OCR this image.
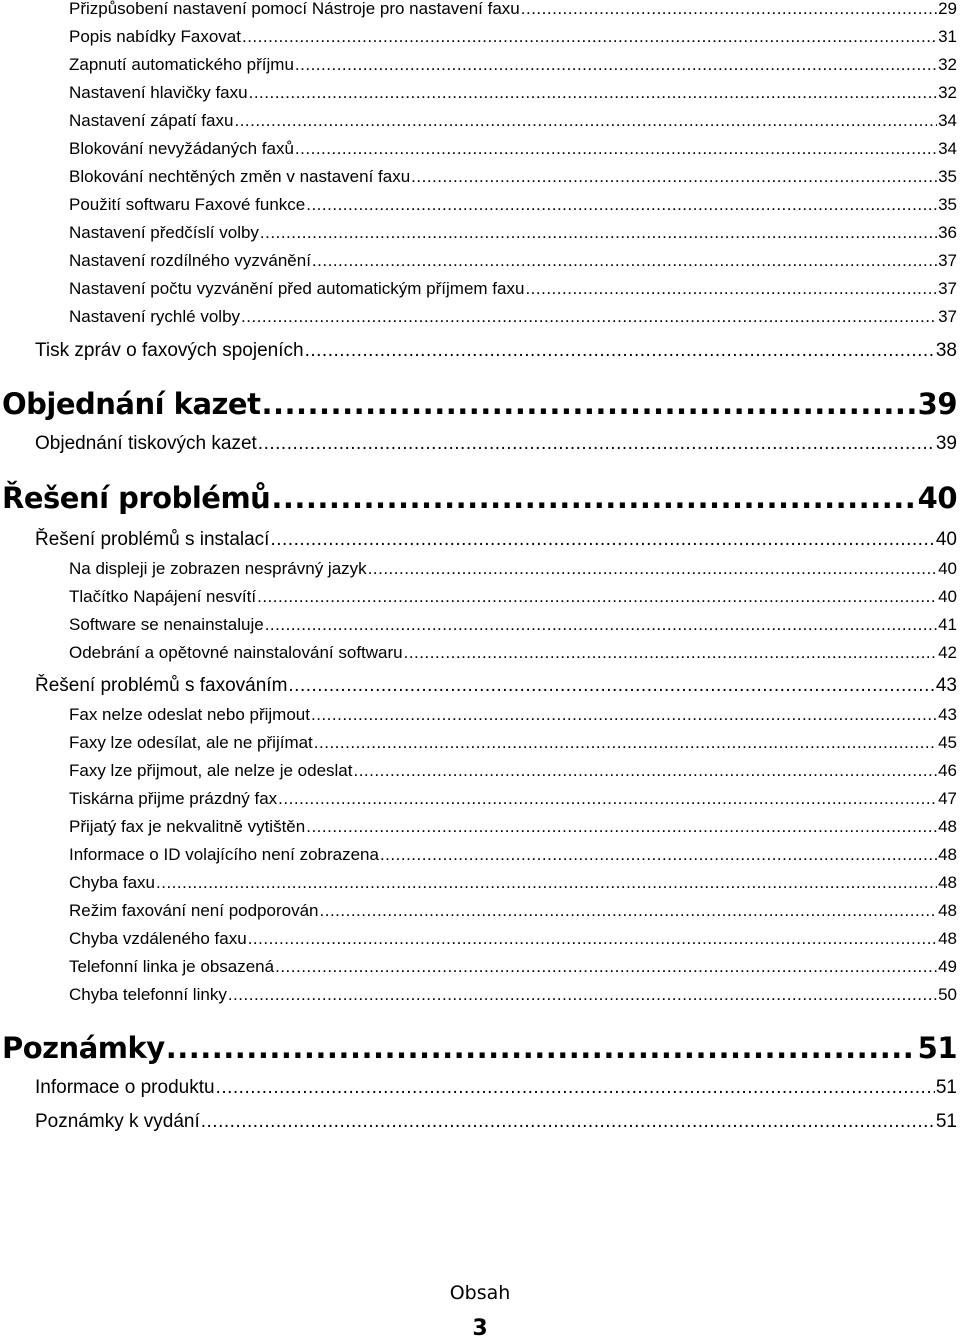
Přizpůsobení nastavení pomocí Nástroje pro nastavení faxu .....	29
Popis nabídky Faxovat .....	31
Zapnutí automatického příjmu .....	32
Nastavení hlavičky faxu .....	32
Nastavení zápatí faxu .....	34
Blokování nevyžádaných faxů .....	34
Blokování nechtěných změn v nastavení faxu .....	35
Použití softwaru Faxové funkce .....	35
Nastavení předčíslí volby .....	36
Nastavení rozdílného vyzvánění .....	37
Nastavení počtu vyzvánění před automatickým příjmem faxu .....	37
Nastavení rychlé volby .....	37
Tisk zpráv o faxových spojeních .....	38
Objednání kazet .....	39
Objednání tiskových kazet .....	39
Řešení problémů .....	40
Řešení problémů s instalací .....	40
Na displeji je zobrazen nesprávný jazyk .....	40
Tlačítko Napájení nesvítí .....	40
Software se nenainstaluje .....	41
Odebrání a opětovné nainstalování softwaru .....	42
Řešení problémů s faxováním .....	43
Fax nelze odeslat nebo přijmout .....	43
Faxy lze odesílat, ale ne přijímat .....	45
Faxy lze přijmout, ale nelze je odeslat .....	46
Tiskárna přijme prázdný fax .....	47
Přijatý fax je nekvalitně vytištěn .....	48
Informace o ID volajícího není zobrazena .....	48
Chyba faxu .....	48
Režim faxování není podporován .....	48
Chyba vzdáleného faxu .....	48
Telefonní linka je obsazená .....	49
Chyba telefonní linky .....	50
Poznámky .....	51
Informace o produktu .....	51
Poznámky k vydání .....	51
Obsah
3
